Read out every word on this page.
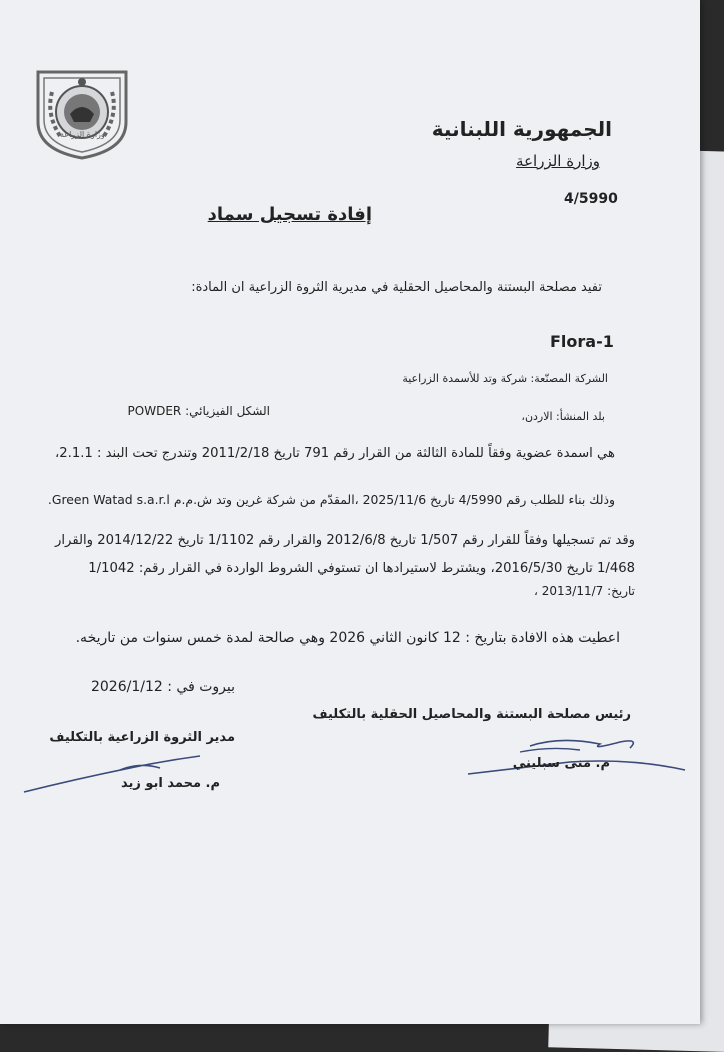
وزارة الزراعة	الجمهورية اللبنانية
وزارة الزراعة
4/5990
إفادة تسجيل سماد
تفيد مصلحة البستنة والمحاصيل الحقلية في مديرية الثروة الزراعية ان المادة:
Flora-1
الشركة المصنّعة: شركة وتد للأسمدة الزراعية
الشكل الفيزيائي: POWDER	بلد المنشأ: الاردن،
هي اسمدة عضوية وفقاً للمادة الثالثة من القرار رقم 791 تاريخ 2011/2/18 وتندرج تحت البند : 2.1.1،
وذلك بناء للطلب رقم 4/5990 تاريخ 2025/11/6 ،المقدّم من شركة غرين وتد ش.م.م Green Watad s.a.r.l.
وقد تم تسجيلها وفقاً للقرار رقم 1/507 تاريخ 2012/6/8 والقرار رقم 1/1102 تاريخ 2014/12/22 والقرار
1/468 تاريخ 2016/5/30، ويشترط لاستيرادها ان تستوفي الشروط الواردة في القرار رقم: 1/1042
تاريخ: 2013/11/7 ،
اعطيت هذه الافادة بتاريخ : 12 كانون الثاني 2026 وهي صالحة لمدة خمس سنوات من تاريخه.
بيروت في : 2026/1/12
رئيس مصلحة البستنة والمحاصيل الحقلية بالتكليف
مدير الثروة الزراعية بالتكليف
م. منى سبليني
م. محمد ابو زيد
